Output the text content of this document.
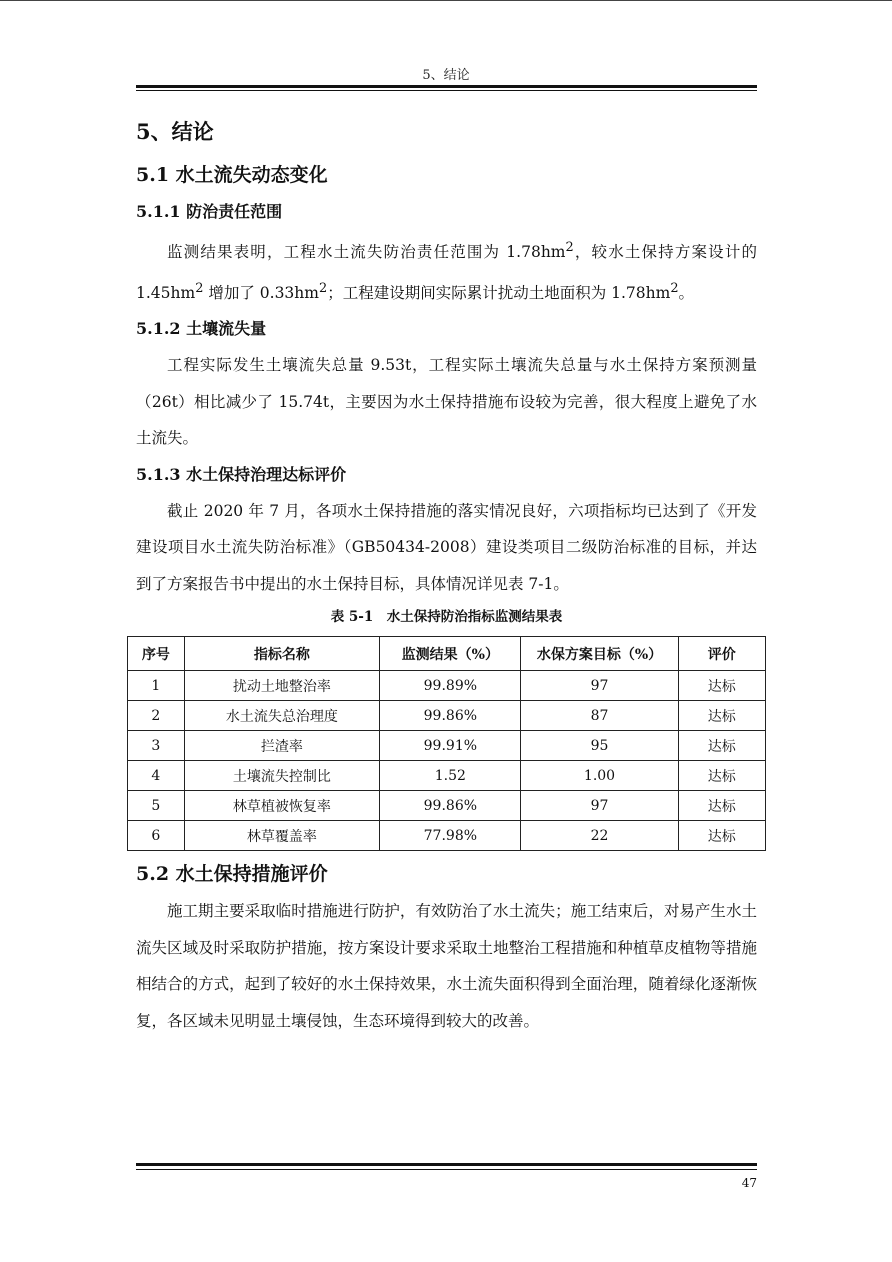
5、结论
5、结论
5.1 水土流失动态变化
5.1.1 防治责任范围

监测结果表明，工程水土流失防治责任范围为 $1.78hm^2$，较水土保持方案设计的 $1.45hm^2$ 增加了 $0.33hm^2$；工程建设期间实际累计扰动土地面积为 $1.78hm^2$。

5.1.2 土壤流失量

工程实际发生土壤流失总量 9.53t，工程实际土壤流失总量与水土保持方案预测量（26t）相比减少了 15.74t，主要因为水土保持措施布设较为完善，很大程度上避免了水土流失。

5.1.3 水土保持治理达标评价

截止 2020 年 7 月，各项水土保持措施的落实情况良好，六项指标均已达到了《开发建设项目水土流失防治标准》（GB50434-2008）建设类项目二级防治标准的目标，并达到了方案报告书中提出的水土保持目标，具体情况详见表 7-1。

表 5-1　水土保持防治指标监测结果表
序号	指标名称	监测结果（%）	水保方案目标（%）	评价
1	扰动土地整治率	99.89%	97	达标
2	水土流失总治理度	99.86%	87	达标
3	拦渣率	99.91%	95	达标
4	土壤流失控制比	1.52	1.00	达标
5	林草植被恢复率	99.86%	97	达标
6	林草覆盖率	77.98%	22	达标
5.2 水土保持措施评价

施工期主要采取临时措施进行防护，有效防治了水土流失；施工结束后，对易产生水土流失区域及时采取防护措施，按方案设计要求采取土地整治工程措施和种植草皮植物等措施相结合的方式，起到了较好的水土保持效果，水土流失面积得到全面治理，随着绿化逐渐恢复，各区域未见明显土壤侵蚀，生态环境得到较大的改善。

47
